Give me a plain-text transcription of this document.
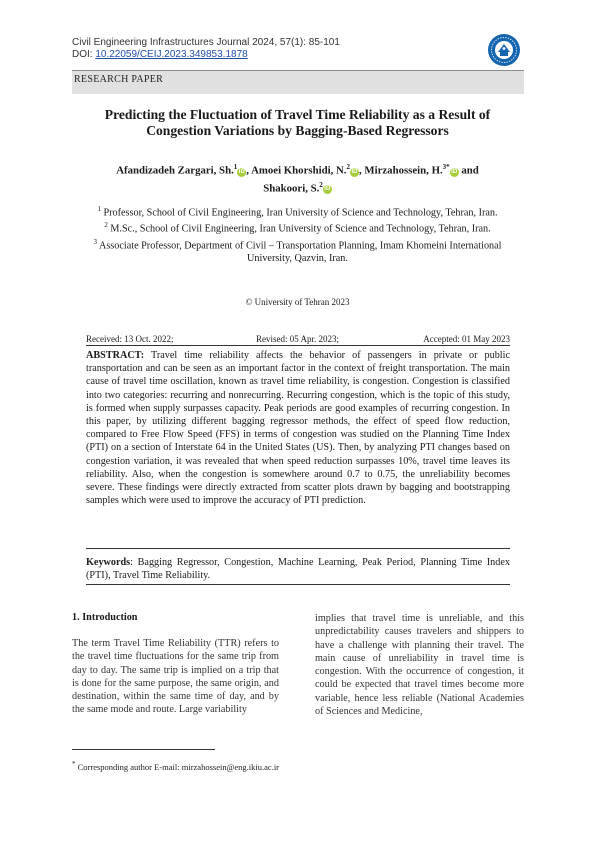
Civil Engineering Infrastructures Journal 2024, 57(1): 85-101
DOI: 10.22059/CEIJ.2023.349853.1878
RESEARCH PAPER
Predicting the Fluctuation of Travel Time Reliability as a Result of Congestion Variations by Bagging-Based Regressors
Afandizadeh Zargari, Sh.$^1$iD , Amoei Khorshidi, N.$^2$iD , Mirzahossein, H.$^{3*}$iD and
Shakoori, S.$^2$iD

$^1$ Professor, School of Civil Engineering, Iran University of Science and Technology, Tehran, Iran.

$^2$ M.Sc., School of Civil Engineering, Iran University of Science and Technology, Tehran, Iran.

$^3$ Associate Professor, Department of Civil – Transportation Planning, Imam Khomeini International University, Qazvin, Iran.

© University of Tehran 2023
Received: 13 Oct. 2022;	Revised: 05 Apr. 2023;	Accepted: 01 May 2023
ABSTRACT: Travel time reliability affects the behavior of passengers in private or public transportation and can be seen as an important factor in the context of freight transportation. The main cause of travel time oscillation, known as travel time reliability, is congestion. Congestion is classified into two categories: recurring and nonrecurring. Recurring congestion, which is the topic of this study, is formed when supply surpasses capacity. Peak periods are good examples of recurring congestion. In this paper, by utilizing different bagging regressor methods, the effect of speed flow reduction, compared to Free Flow Speed (FFS) in terms of congestion was studied on the Planning Time Index (PTI) on a section of Interstate 64 in the United States (US). Then, by analyzing PTI changes based on congestion variation, it was revealed that when speed reduction surpasses 10%, travel time leaves its reliability. Also, when the congestion is somewhere around 0.7 to 0.75, the unreliability becomes severe. These findings were directly extracted from scatter plots drawn by bagging and bootstrapping samples which were used to improve the accuracy of PTI prediction.
Keywords: Bagging Regressor, Congestion, Machine Learning, Peak Period, Planning Time Index (PTI), Travel Time Reliability.
1. Introduction
The term Travel Time Reliability (TTR) refers to the travel time fluctuations for the same trip from day to day. The same trip is implied on a trip that is done for the same purpose, the same origin, and destination, within the same time of day, and by the same mode and route. Large variability
implies that travel time is unreliable, and this unpredictability causes travelers and shippers to have a challenge with planning their travel. The main cause of unreliability in travel time is congestion. With the occurrence of congestion, it could be expected that travel times become more variable, hence less reliable (National Academies of Sciences and Medicine,
* Corresponding author E-mail: mirzahossein@eng.ikiu.ac.ir
